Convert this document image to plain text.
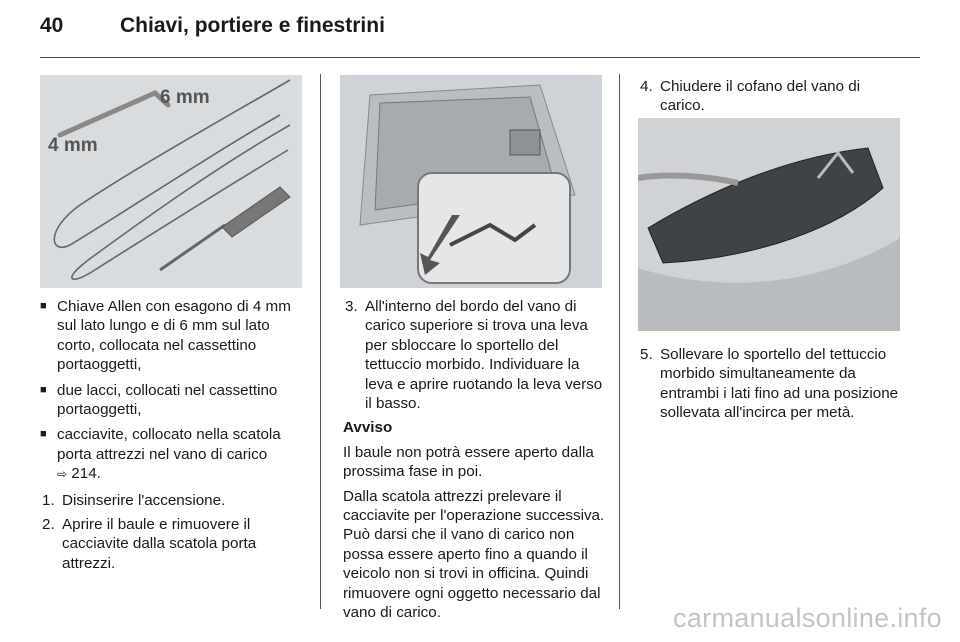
40	Chiavi, portiere e finestrini
6 mm
4 mm
■ Chiave Allen con esagono di 4 mm sul lato lungo e di 6 mm sul lato corto, collocata nel cassettino portaoggetti,
■ due lacci, collocati nel cassettino portaoggetti,
■ cacciavite, collocato nella scatola porta attrezzi nel vano di carico
⇨ 214.
1. Disinserire l'accensione.
2. Aprire il baule e rimuovere il cacciavite dalla scatola porta attrezzi.
3. All'interno del bordo del vano di carico superiore si trova una leva per sbloccare lo sportello del tettuccio morbido. Individuare la leva e aprire ruotando la leva verso il basso.
Avviso
Il baule non potrà essere aperto dalla prossima fase in poi.
Dalla scatola attrezzi prelevare il cacciavite per l'operazione successiva. Può darsi che il vano di carico non possa essere aperto fino a quando il veicolo non si trovi in officina. Quindi rimuovere ogni oggetto necessario dal vano di carico.
4. Chiudere il cofano del vano di carico.
5. Sollevare lo sportello del tettuccio morbido simultaneamente da entrambi i lati fino ad una posizione sollevata all'incirca per metà.
carmanualsonline.info
